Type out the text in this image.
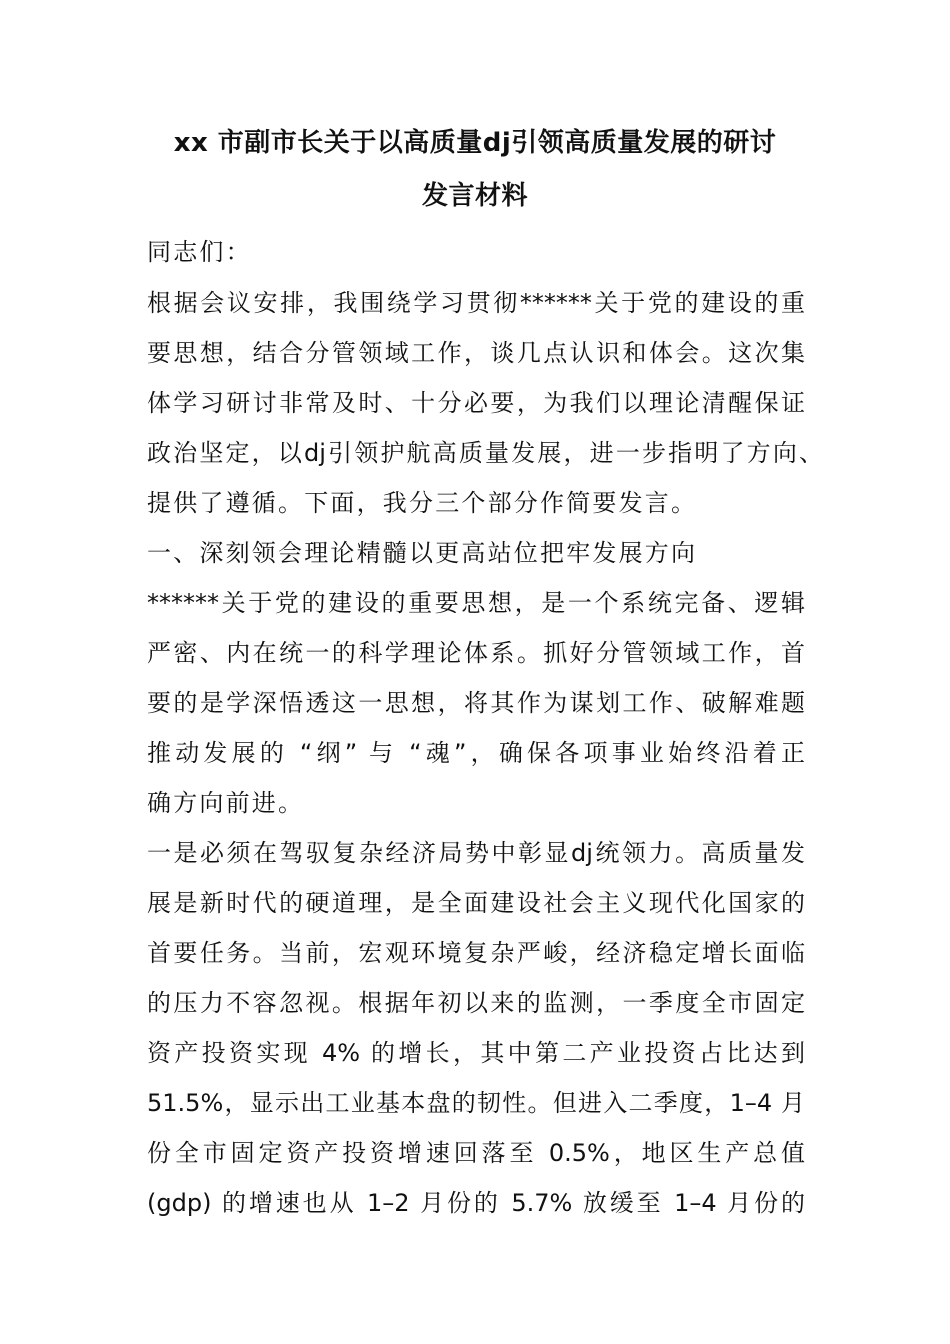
xx 市副市长关于以高质量dj引领高质量发展的研讨
发言材料
同志们：
根据会议安排，我围绕学习贯彻******关于党的建设的重
要思想，结合分管领域工作，谈几点认识和体会。这次集
体学习研讨非常及时、十分必要，为我们以理论清醒保证
政治坚定，以dj引领护航高质量发展，进一步指明了方向、
提供了遵循。下面，我分三个部分作简要发言。
一、深刻领会理论精髓以更高站位把牢发展方向
******关于党的建设的重要思想，是一个系统完备、逻辑
严密、内在统一的科学理论体系。抓好分管领域工作，首
要的是学深悟透这一思想，将其作为谋划工作、破解难题
推动发展的 “纲” 与 “魂”，确保各项事业始终沿着正
确方向前进。
一是必须在驾驭复杂经济局势中彰显dj统领力。高质量发
展是新时代的硬道理，是全面建设社会主义现代化国家的
首要任务。当前，宏观环境复杂严峻，经济稳定增长面临
的压力不容忽视。根据年初以来的监测，一季度全市固定
资产投资实现 4% 的增长，其中第二产业投资占比达到
51.5%，显示出工业基本盘的韧性。但进入二季度，1–4 月
份全市固定资产投资增速回落至 0.5%，地区生产总值
(gdp) 的增速也从 1–2 月份的 5.7% 放缓至 1–4 月份的
